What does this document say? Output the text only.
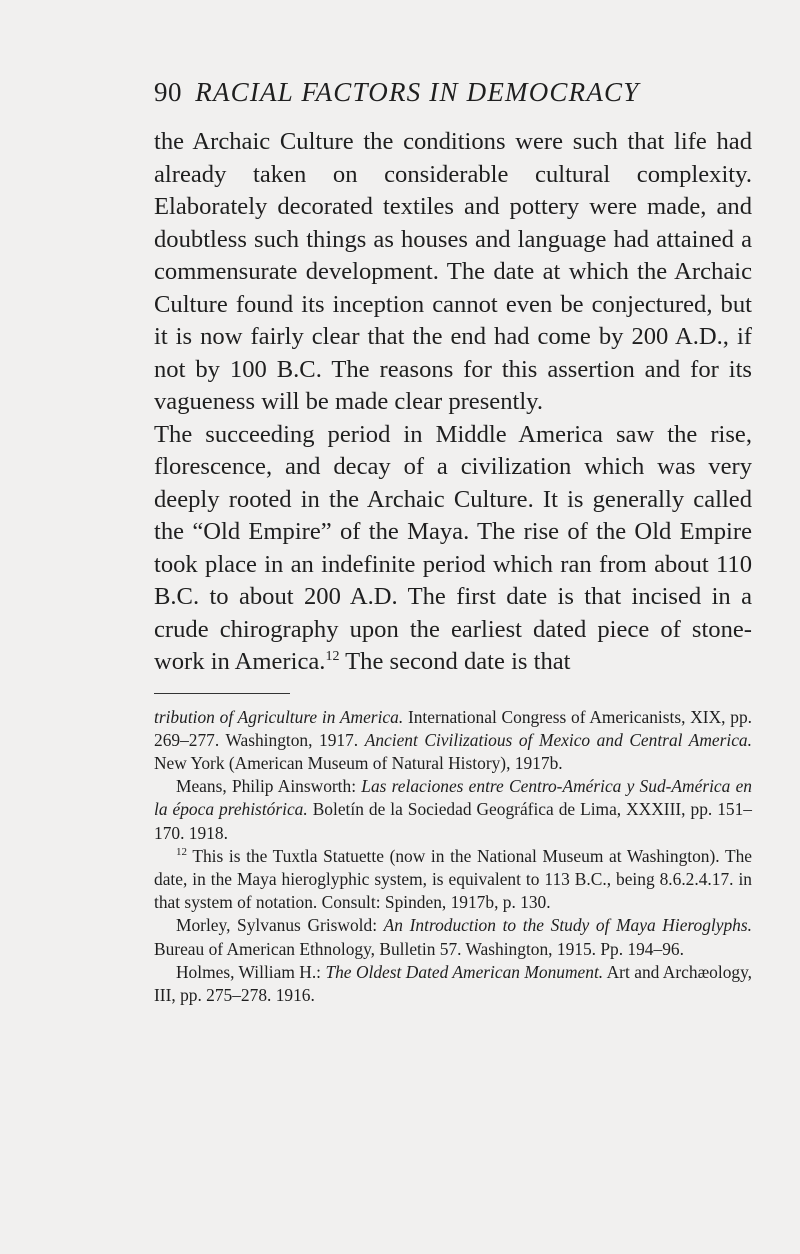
90 RACIAL FACTORS IN DEMOCRACY

the Archaic Culture the conditions were such that life had already taken on considerable cultural complexity. Elaborately decorated textiles and pottery were made, and doubtless such things as houses and language had attained a commensurate development. The date at which the Archaic Culture found its inception cannot even be conjectured, but it is now fairly clear that the end had come by 200 A.D., if not by 100 B.C. The reasons for this assertion and for its vagueness will be made clear presently.

The succeeding period in Middle America saw the rise, florescence, and decay of a civilization which was very deeply rooted in the Archaic Culture. It is generally called the “Old Empire” of the Maya. The rise of the Old Empire took place in an indefinite period which ran from about 110 B.C. to about 200 A.D. The first date is that incised in a crude chirography upon the earliest dated piece of stone-work in America.$^{12}$ The second date is that

tribution of Agriculture in America. International Congress of Americanists, XIX, pp. 269–277. Washington, 1917. Ancient Civilizatious of Mexico and Central America. New York (American Museum of Natural History), 1917b.

Means, Philip Ainsworth: Las relaciones entre Centro-América y Sud-América en la época prehistórica. Boletín de la Sociedad Geográfica de Lima, XXXIII, pp. 151–170. 1918.

$^{12}$ This is the Tuxtla Statuette (now in the National Museum at Washington). The date, in the Maya hieroglyphic system, is equivalent to 113 B.C., being 8.6.2.4.17. in that system of notation. Consult: Spinden, 1917b, p. 130.

Morley, Sylvanus Griswold: An Introduction to the Study of Maya Hieroglyphs. Bureau of American Ethnology, Bulletin 57. Washington, 1915. Pp. 194–96.

Holmes, William H.: The Oldest Dated American Monument. Art and Archæology, III, pp. 275–278. 1916.
